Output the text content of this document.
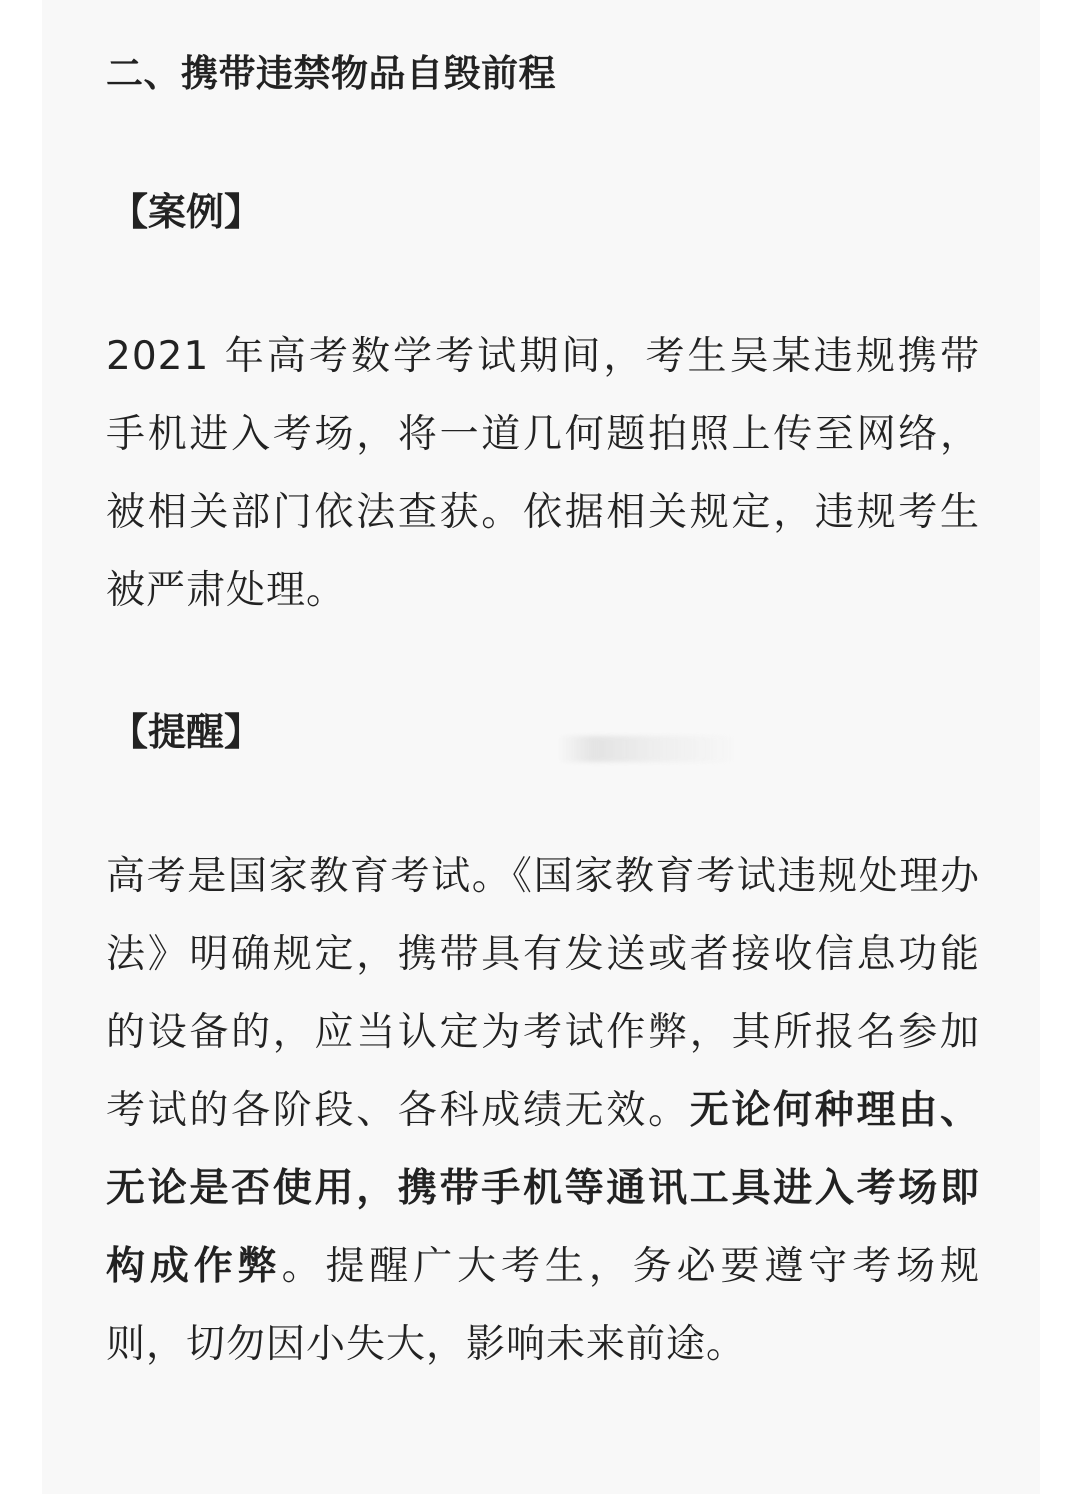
二、携带违禁物品自毁前程

【案例】

2021 年高考数学考试期间，考生吴某违规携带手机进入考场，将一道几何题拍照上传至网络，被相关部门依法查获。依据相关规定，违规考生被严肃处理。

【提醒】

高考是国家教育考试。《国家教育考试违规处理办法》明确规定，携带具有发送或者接收信息功能的设备的，应当认定为考试作弊，其所报名参加考试的各阶段、各科成绩无效。无论何种理由、无论是否使用，携带手机等通讯工具进入考场即构成作弊。提醒广大考生，务必要遵守考场规则，切勿因小失大，影响未来前途。
